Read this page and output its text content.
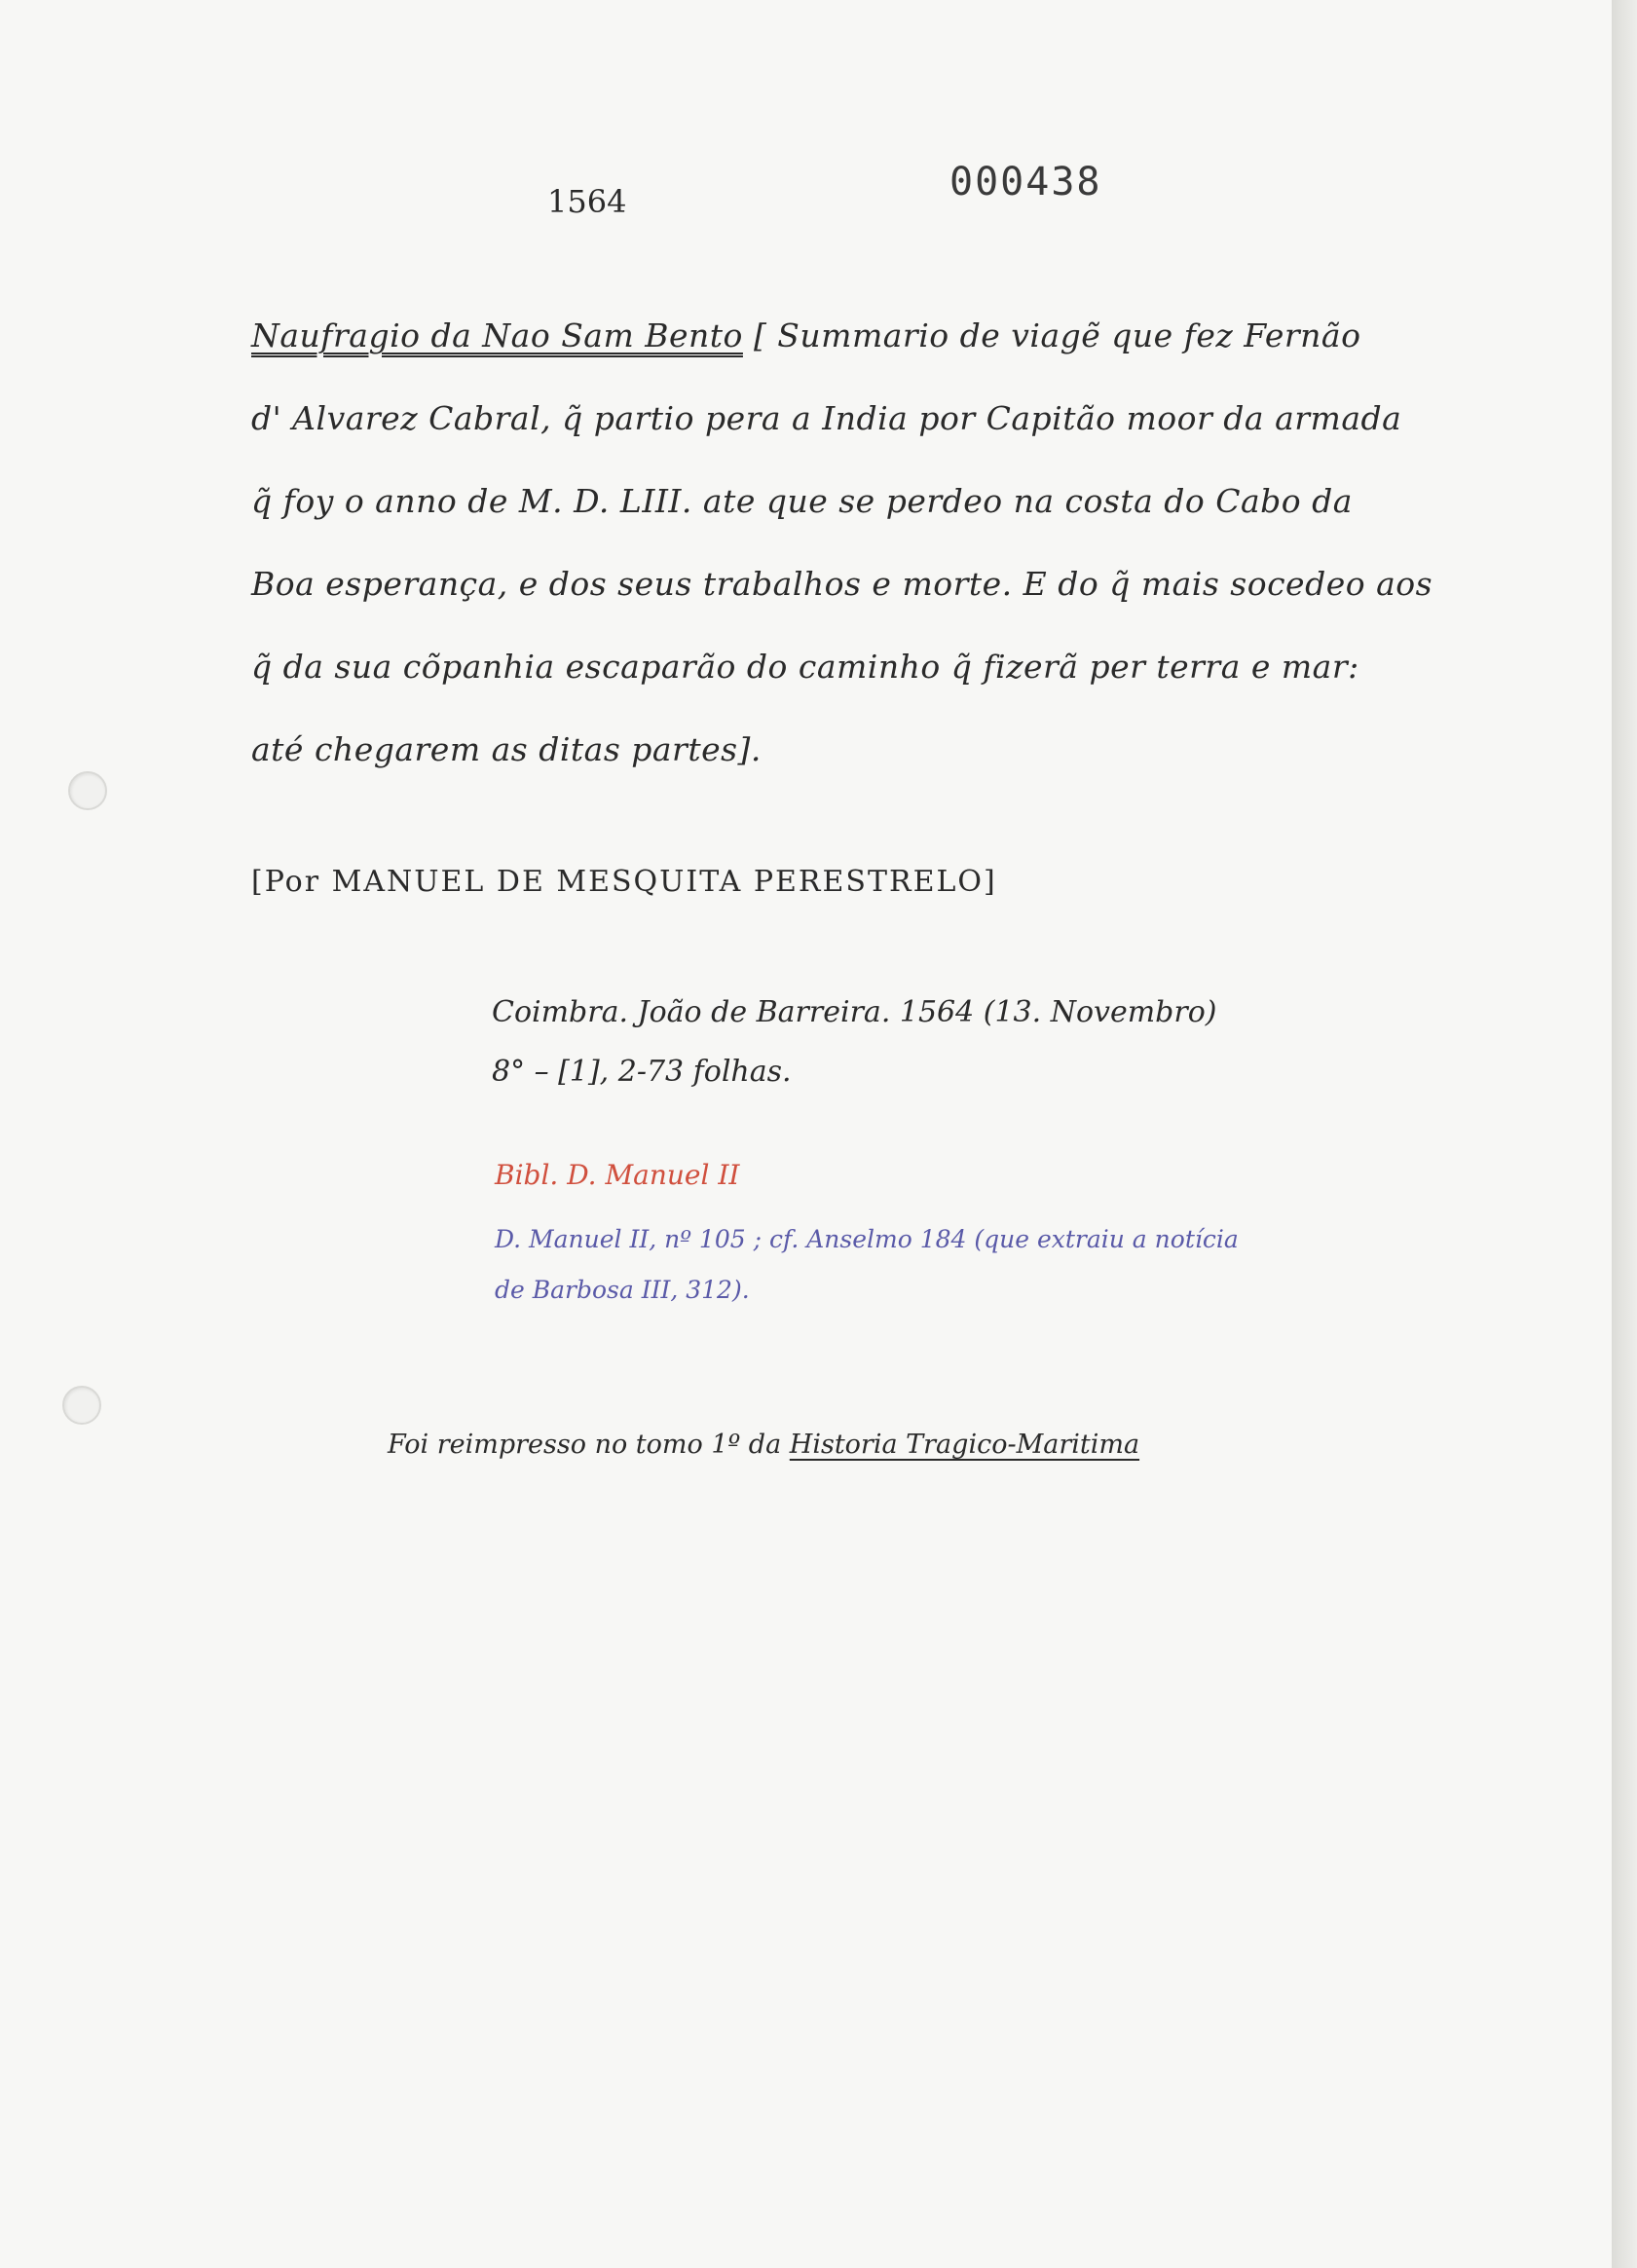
1564	000438
Naufragio da Nao Sam Bento [ Summario de viagẽ que fez Fernão
d' Alvarez Cabral, q̃ partio pera a India por Capitão moor da armada
q̃ foy o anno de M. D. LIII. ate que se perdeo na costa do Cabo da
Boa esperança, e dos seus trabalhos e morte. E do q̃ mais socedeo aos
q̃ da sua cõpanhia escaparão do caminho q̃ fizerã per terra e mar:
até chegarem as ditas partes].
[Por MANUEL DE MESQUITA PERESTRELO]
Coimbra. João de Barreira. 1564 (13. Novembro)
8° – [1], 2-73 folhas.
Bibl. D. Manuel II
D. Manuel II, nº 105 ; cf. Anselmo 184 (que extraiu a notícia
de Barbosa III, 312).
Foi reimpresso no tomo 1º da Historia Tragico-Maritima
